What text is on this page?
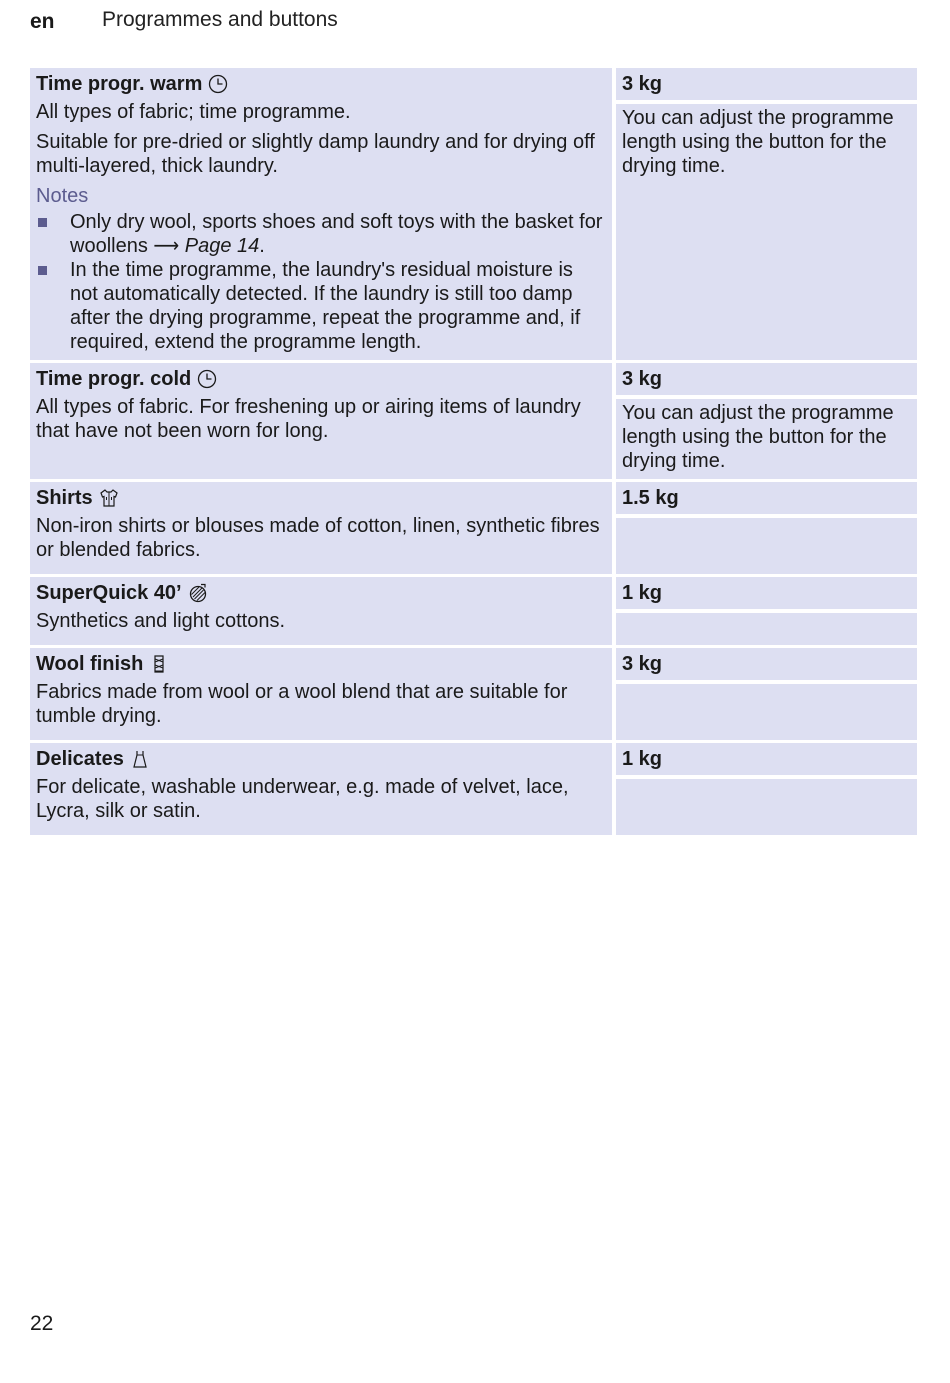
en Programmes and buttons
Time progr. warm
All types of fabric; time programme.
Suitable for pre-dried or slightly damp laundry and for drying off multi-layered, thick laundry.
Notes
Only dry wool, sports shoes and soft toys with the basket for woollens ⟶ Page 14.
In the time programme, the laundry's residual moisture is not automatically detected. If the laundry is still too damp after the drying programme, repeat the programme and, if required, extend the programme length.
3 kg
You can adjust the programme length using the button for the drying time.
Time progr. cold
All types of fabric. For freshening up or airing items of laundry that have not been worn for long.
3 kg
You can adjust the programme length using the button for the drying time.
Shirts
Non-iron shirts or blouses made of cotton, linen, synthetic fibres or blended fabrics.
1.5 kg
SuperQuick 40’
Synthetics and light cottons.
1 kg
Wool finish
Fabrics made from wool or a wool blend that are suitable for tumble drying.
3 kg
Delicates
For delicate, washable underwear, e.g. made of velvet, lace, Lycra, silk or satin.
1 kg
22
